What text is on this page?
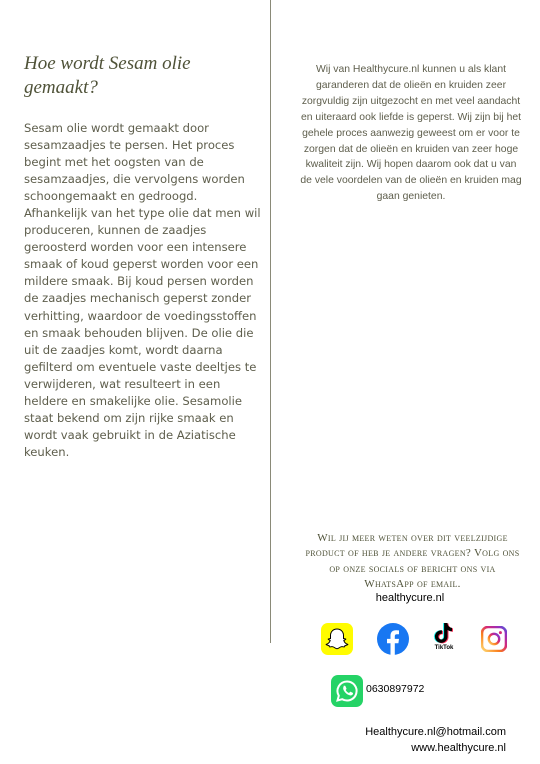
Hoe wordt Sesam olie gemaakt?

Sesam olie wordt gemaakt door sesamzaadjes te persen. Het proces begint met het oogsten van de sesamzaadjes, die vervolgens worden schoongemaakt en gedroogd. Afhankelijk van het type olie dat men wil produceren, kunnen de zaadjes geroosterd worden voor een intensere smaak of koud geperst worden voor een mildere smaak. Bij koud persen worden de zaadjes mechanisch geperst zonder verhitting, waardoor de voedingsstoffen en smaak behouden blijven. De olie die uit de zaadjes komt, wordt daarna gefilterd om eventuele vaste deeltjes te verwijderen, wat resulteert in een heldere en smakelijke olie. Sesamolie staat bekend om zijn rijke smaak en wordt vaak gebruikt in de Aziatische keuken.

Wij van Healthycure.nl kunnen u als klant garanderen dat de olieën en kruiden zeer zorgvuldig zijn uitgezocht en met veel aandacht en uiteraard ook liefde is geperst. Wij zijn bij het gehele proces aanwezig geweest om er voor te zorgen dat de olieën en kruiden van zeer hoge kwaliteit zijn. Wij hopen daarom ook dat u van de vele voordelen van de olieën en kruiden mag gaan genieten.

Wil jij meer weten over dit veelzijdige product of heb je andere vragen? Volg ons op onze socials of bericht ons via WhatsApp of email.

healthycure.nl
TikTok
0630897972
Healthycure.nl@hotmail.com
www.healthycure.nl
